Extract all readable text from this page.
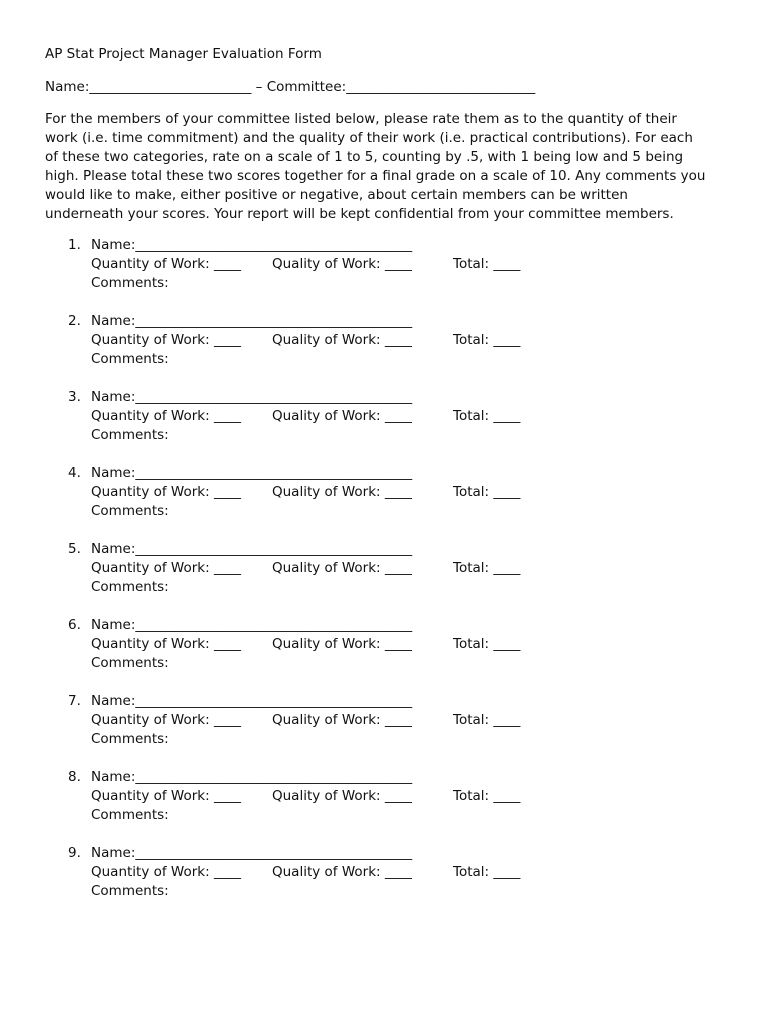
AP Stat Project Manager Evaluation Form
Name:________________________ – Committee:____________________________

For the members of your committee listed below, please rate them as to the quantity of their

work (i.e. time commitment) and the quality of their work (i.e. practical contributions). For each

of these two categories, rate on a scale of 1 to 5, counting by .5, with 1 being low and 5 being

high. Please total these two scores together for a final grade on a scale of 10. Any comments you

would like to make, either positive or negative, about certain members can be written

underneath your scores. Your report will be kept confidential from your committee members.

1. Name:_________________________________________
Quantity of Work: ____ Quality of Work: ____	Total: ____
Comments:
2. Name:_________________________________________
Quantity of Work: ____ Quality of Work: ____	Total: ____
Comments:
3. Name:_________________________________________
Quantity of Work: ____ Quality of Work: ____	Total: ____
Comments:
4. Name:_________________________________________
Quantity of Work: ____ Quality of Work: ____	Total: ____
Comments:
5. Name:_________________________________________
Quantity of Work: ____ Quality of Work: ____	Total: ____
Comments:
6. Name:_________________________________________
Quantity of Work: ____ Quality of Work: ____	Total: ____
Comments:
7. Name:_________________________________________
Quantity of Work: ____ Quality of Work: ____	Total: ____
Comments:
8. Name:_________________________________________
Quantity of Work: ____ Quality of Work: ____	Total: ____
Comments:
9. Name:_________________________________________
Quantity of Work: ____ Quality of Work: ____	Total: ____
Comments:
